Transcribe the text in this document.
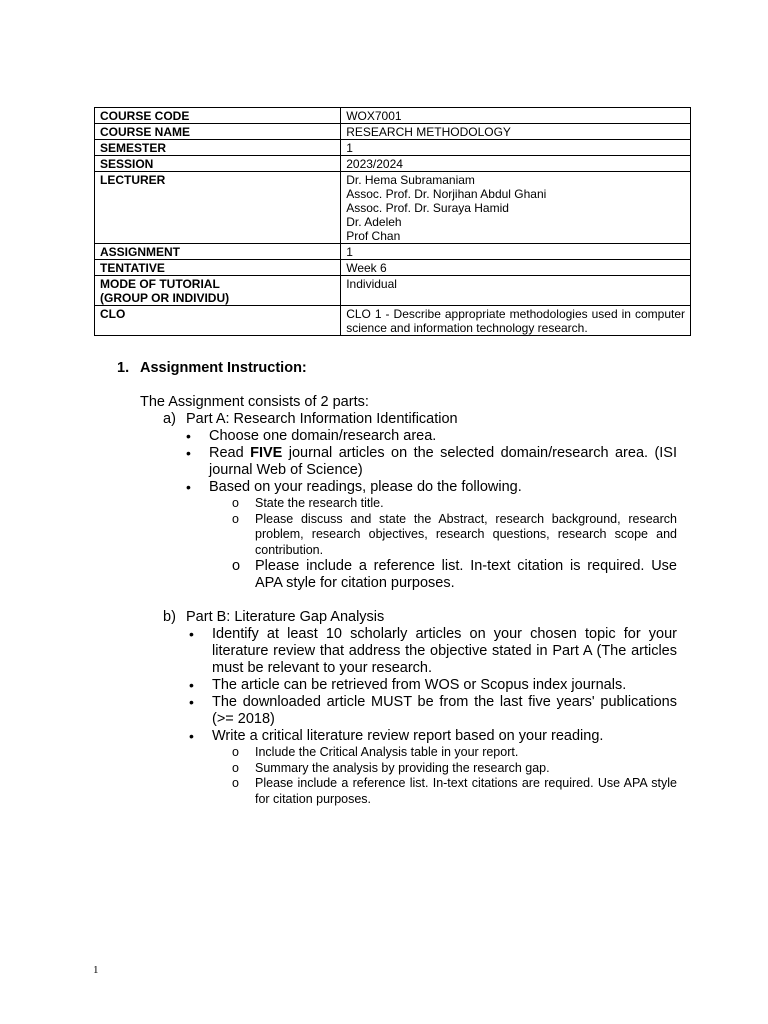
COURSE CODE	WOX7001

COURSE NAME	RESEARCH METHODOLOGY

SEMESTER	1

SESSION	2023/2024

LECTURER	Dr. Hema Subramaniam
Assoc. Prof. Dr. Norjihan Abdul Ghani
Assoc. Prof. Dr. Suraya Hamid
Dr. Adeleh
Prof Chan

ASSIGNMENT	1

TENTATIVE	Week 6

MODE OF TUTORIAL
(GROUP OR INDIVIDU)	Individual

CLO	CLO 1 - Describe appropriate methodologies used in computer science and information technology research.
1. Assignment Instruction:
The Assignment consists of 2 parts:
a) Part A: Research Information Identification
•	Choose one domain/research area.
•	Read FIVE journal articles on the selected domain/research area. (ISI journal Web of Science)
•	Based on your readings, please do the following.
o	State the research title.
o	Please discuss and state the Abstract, research background, research problem, research objectives, research questions, research scope and contribution.
o	Please include a reference list. In-text citation is required. Use APA style for citation purposes.
b) Part B: Literature Gap Analysis
•	Identify at least 10 scholarly articles on your chosen topic for your literature review that address the objective stated in Part A (The articles must be relevant to your research.
•	The article can be retrieved from WOS or Scopus index journals.
•	The downloaded article MUST be from the last five years' publications (>= 2018)
•	Write a critical literature review report based on your reading.
o	Include the Critical Analysis table in your report.
o	Summary the analysis by providing the research gap.
o	Please include a reference list. In-text citations are required. Use APA style for citation purposes.
1
